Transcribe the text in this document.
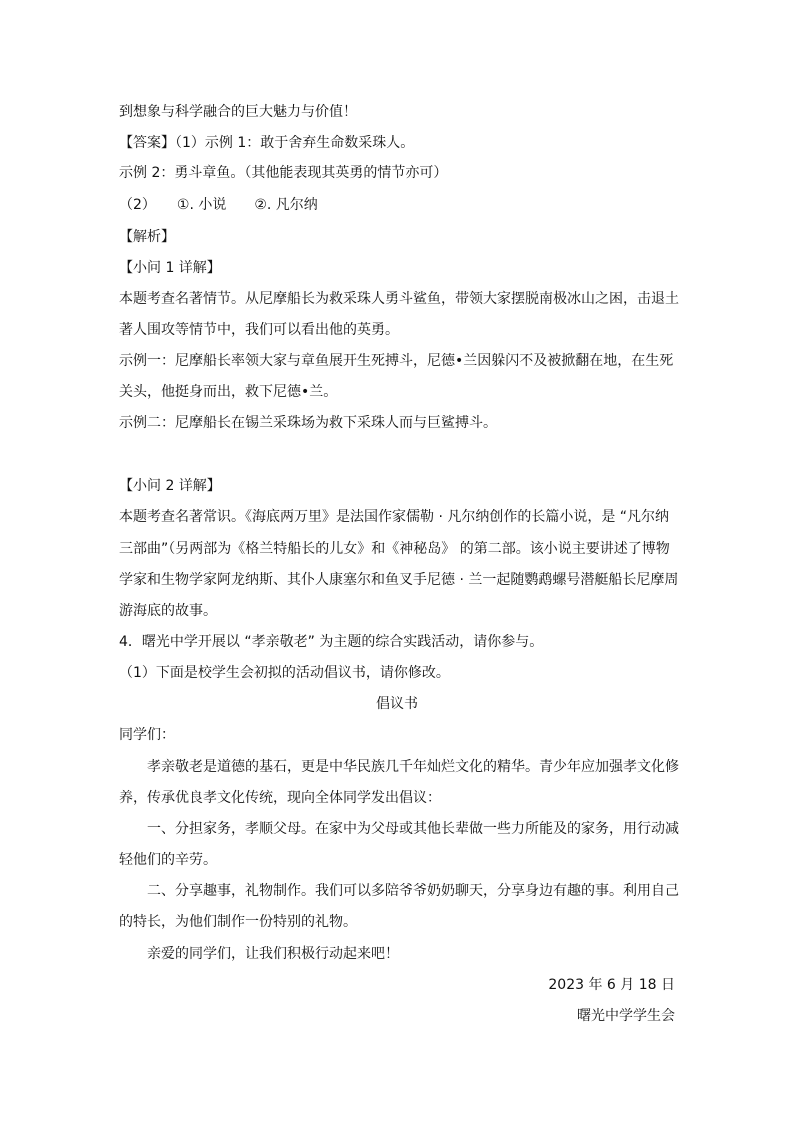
到想象与科学融合的巨大魅力与价值！
【答案】（1）示例 1：敢于舍弃生命数采珠人。
示例 2：勇斗章鱼。（其他能表现其英勇的情节亦可）
（2）　　①. 小说　　②. 凡尔纳
【解析】
【小问 1 详解】
本题考查名著情节。从尼摩船长为救采珠人勇斗鲨鱼，带领大家摆脱南极冰山之困，击退土
著人围攻等情节中，我们可以看出他的英勇。
示例一：尼摩船长率领大家与章鱼展开生死搏斗，尼德•兰因躲闪不及被掀翻在地，在生死
关头，他挺身而出，救下尼德•兰。
示例二：尼摩船长在锡兰采珠场为救下采珠人而与巨鲨搏斗。
【小问 2 详解】
本题考查名著常识。《海底两万里》是法国作家儒勒 · 凡尔纳创作的长篇小说，是 “凡尔纳
三部曲”（另两部为《格兰特船长的儿女》和《神秘岛》 的第二部。该小说主要讲述了博物
学家和生物学家阿龙纳斯、其仆人康塞尔和鱼叉手尼德 · 兰一起随鹦鹉螺号潜艇船长尼摩周
游海底的故事。
4．曙光中学开展以 “孝亲敬老” 为主题的综合实践活动，请你参与。
（1）下面是校学生会初拟的活动倡议书，请你修改。
倡议书
同学们：
孝亲敬老是道德的基石，更是中华民族几千年灿烂文化的精华。青少年应加强孝文化修
养，传承优良孝文化传统，现向全体同学发出倡议：
一、分担家务，孝顺父母。在家中为父母或其他长辈做一些力所能及的家务，用行动减
轻他们的辛劳。
二、分享趣事，礼物制作。我们可以多陪爷爷奶奶聊天，分享身边有趣的事。利用自己
的特长，为他们制作一份特别的礼物。
亲爱的同学们，让我们积极行动起来吧！
2023 年 6 月 18 日
曙光中学学生会
